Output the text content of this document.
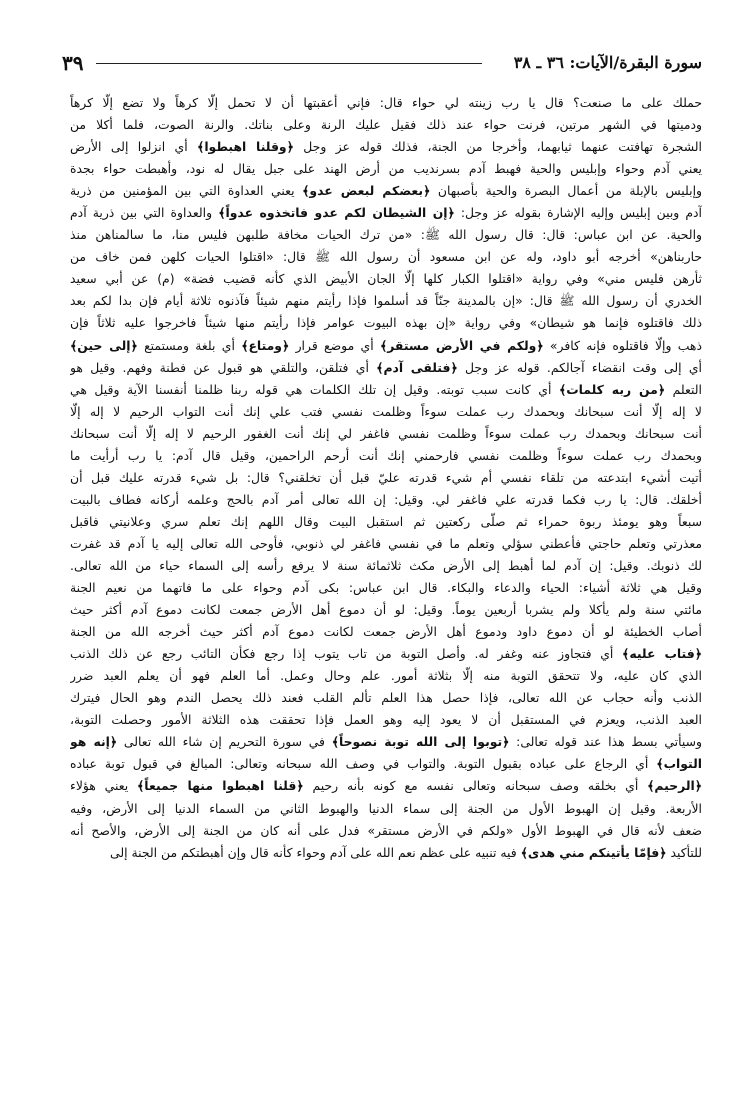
٣٩	سورة البقرة/الآيات: ٣٦ ـ ٣٨
حملك على ما صنعت؟ قال يا رب زينته لي حواء قال: فإني أعقبتها أن لا تحمل إلّا كرهاً ولا تضع إلّا كرهاً
ودميتها في الشهر مرتين، فرنت حواء عند ذلك فقيل عليك الرنة وعلى بناتك. والرنة الصوت، فلما أكلا من
الشجرة تهافتت عنهما ثيابهما، وأخرجا من الجنة، فذلك قوله عز وجل ﴿وقلنا اهبطوا﴾ أي انزلوا إلى الأرض
يعني آدم وحواء وإبليس والحية فهبط آدم بسرنديب من أرض الهند على جبل يقال له نود، وأهبطت حواء بجدة
وإبليس بالإبلة من أعمال البصرة والحية بأصبهان ﴿بعضكم لبعض عدو﴾ يعني العداوة التي بين المؤمنين من ذرية
آدم وبين إبليس وإليه الإشارة بقوله عز وجل: ﴿إن الشيطان لكم عدو فاتخذوه عدواً﴾ والعداوة التي بين ذرية آدم
والحية. عن ابن عباس: قال: قال رسول الله ﷺ: «من ترك الحيات مخافة طلبهن فليس منا، ما سالمناهن منذ
حاربناهن» أخرجه أبو داود، وله عن ابن مسعود أن رسول الله ﷺ قال: «اقتلوا الحيات كلهن فمن خاف من
ثأرهن فليس مني» وفي رواية «اقتلوا الكبار كلها إلّا الجان الأبيض الذي كأنه قضيب فضة» (م) عن أبي سعيد
الخدري أن رسول الله ﷺ قال: «إن بالمدينة جنّاً قد أسلموا فإذا رأيتم منهم شيئاً فآذنوه ثلاثة أيام فإن بدا لكم بعد
ذلك فاقتلوه فإنما هو شيطان» وفي رواية «إن بهذه البيوت عوامر فإذا رأيتم منها شيئاً فاخرجوا عليه ثلاثاً فإن
ذهب وإلّا فاقتلوه فإنه كافر» ﴿ولكم في الأرض مستقر﴾ أي موضع قرار ﴿ومتاع﴾ أي بلغة ومستمتع ﴿إلى حين﴾
أي إلى وقت انقضاء آجالكم. قوله عز وجل ﴿فتلقى آدم﴾ أي فتلقن، والتلقي هو قبول عن فطنة وفهم. وقيل هو
التعلم ﴿من ربه كلمات﴾ أي كانت سبب توبته. وقيل إن تلك الكلمات هي قوله ربنا ظلمنا أنفسنا الآية وقيل هي
لا إله إلّا أنت سبحانك وبحمدك رب عملت سوءاً وظلمت نفسي فتب علي إنك أنت التواب الرحيم لا إله إلّا
أنت سبحانك وبحمدك رب عملت سوءاً وظلمت نفسي فاغفر لي إنك أنت الغفور الرحيم لا إله إلّا أنت سبحانك
وبحمدك رب عملت سوءاً وظلمت نفسي فارحمني إنك أنت أرحم الراحمين، وقيل قال آدم: يا رب أرأيت ما
أتيت أشيء ابتدعته من تلقاء نفسي أم شيء قدرته عليّ قبل أن تخلقني؟ قال: بل شيء قدرته عليك قبل أن
أخلقك. قال: يا رب فكما قدرته علي فاغفر لي. وقيل: إن الله تعالى أمر آدم بالحج وعلمه أركانه فطاف بالبيت
سبعاً وهو يومئذ ربوة حمراء ثم صلّى ركعتين ثم استقبل البيت وقال اللهم إنك تعلم سري وعلانيتي فاقبل
معذرتي وتعلم حاجتي فأعطني سؤلي وتعلم ما في نفسي فاغفر لي ذنوبي، فأوحى الله تعالى إليه يا آدم قد غفرت
لك ذنوبك. وقيل: إن آدم لما أهبط إلى الأرض مكث ثلاثمائة سنة لا يرفع رأسه إلى السماء حياء من الله تعالى.
وقيل هي ثلاثة أشياء: الحياء والدعاء والبكاء. قال ابن عباس: بكى آدم وحواء على ما فاتهما من نعيم الجنة
مائتي سنة ولم يأكلا ولم يشربا أربعين يوماً. وقيل: لو أن دموع أهل الأرض جمعت لكانت دموع آدم أكثر حيث
أصاب الخطيئة لو أن دموع داود ودموع أهل الأرض جمعت لكانت دموع آدم أكثر حيث أخرجه الله من الجنة
﴿فتاب عليه﴾ أي فتجاوز عنه وغفر له. وأصل التوبة من تاب يتوب إذا رجع فكأن التائب رجع عن ذلك الذنب
الذي كان عليه، ولا تتحقق التوبة منه إلّا بثلاثة أمور. علم وحال وعمل. أما العلم فهو أن يعلم العبد ضرر
الذنب وأنه حجاب عن الله تعالى، فإذا حصل هذا العلم تألم القلب فعند ذلك يحصل الندم وهو الحال فيترك
العبد الذنب، ويعزم في المستقبل أن لا يعود إليه وهو العمل فإذا تحققت هذه الثلاثة الأمور وحصلت التوبة،
وسيأتي بسط هذا عند قوله تعالى: ﴿توبوا إلى الله توبة نصوحاً﴾ في سورة التحريم إن شاء الله تعالى ﴿إنه هو
التواب﴾ أي الرجاع على عباده بقبول التوبة. والتواب في وصف الله سبحانه وتعالى: المبالغ في قبول توبة عباده
﴿الرحيم﴾ أي بخلقه وصف سبحانه وتعالى نفسه مع كونه بأنه رحيم ﴿قلنا اهبطوا منها جميعاً﴾ يعني هؤلاء
الأربعة. وقيل إن الهبوط الأول من الجنة إلى سماء الدنيا والهبوط الثاني من السماء الدنيا إلى الأرض، وفيه
ضعف لأنه قال في الهبوط الأول «ولكم في الأرض مستقر» فدل على أنه كان من الجنة إلى الأرض، والأصح أنه
للتأكيد ﴿فإمّا يأتينكم مني هدى﴾ فيه تنبيه على عظم نعم الله على آدم وحواء كأنه قال وإن أهبطتكم من الجنة إلى
